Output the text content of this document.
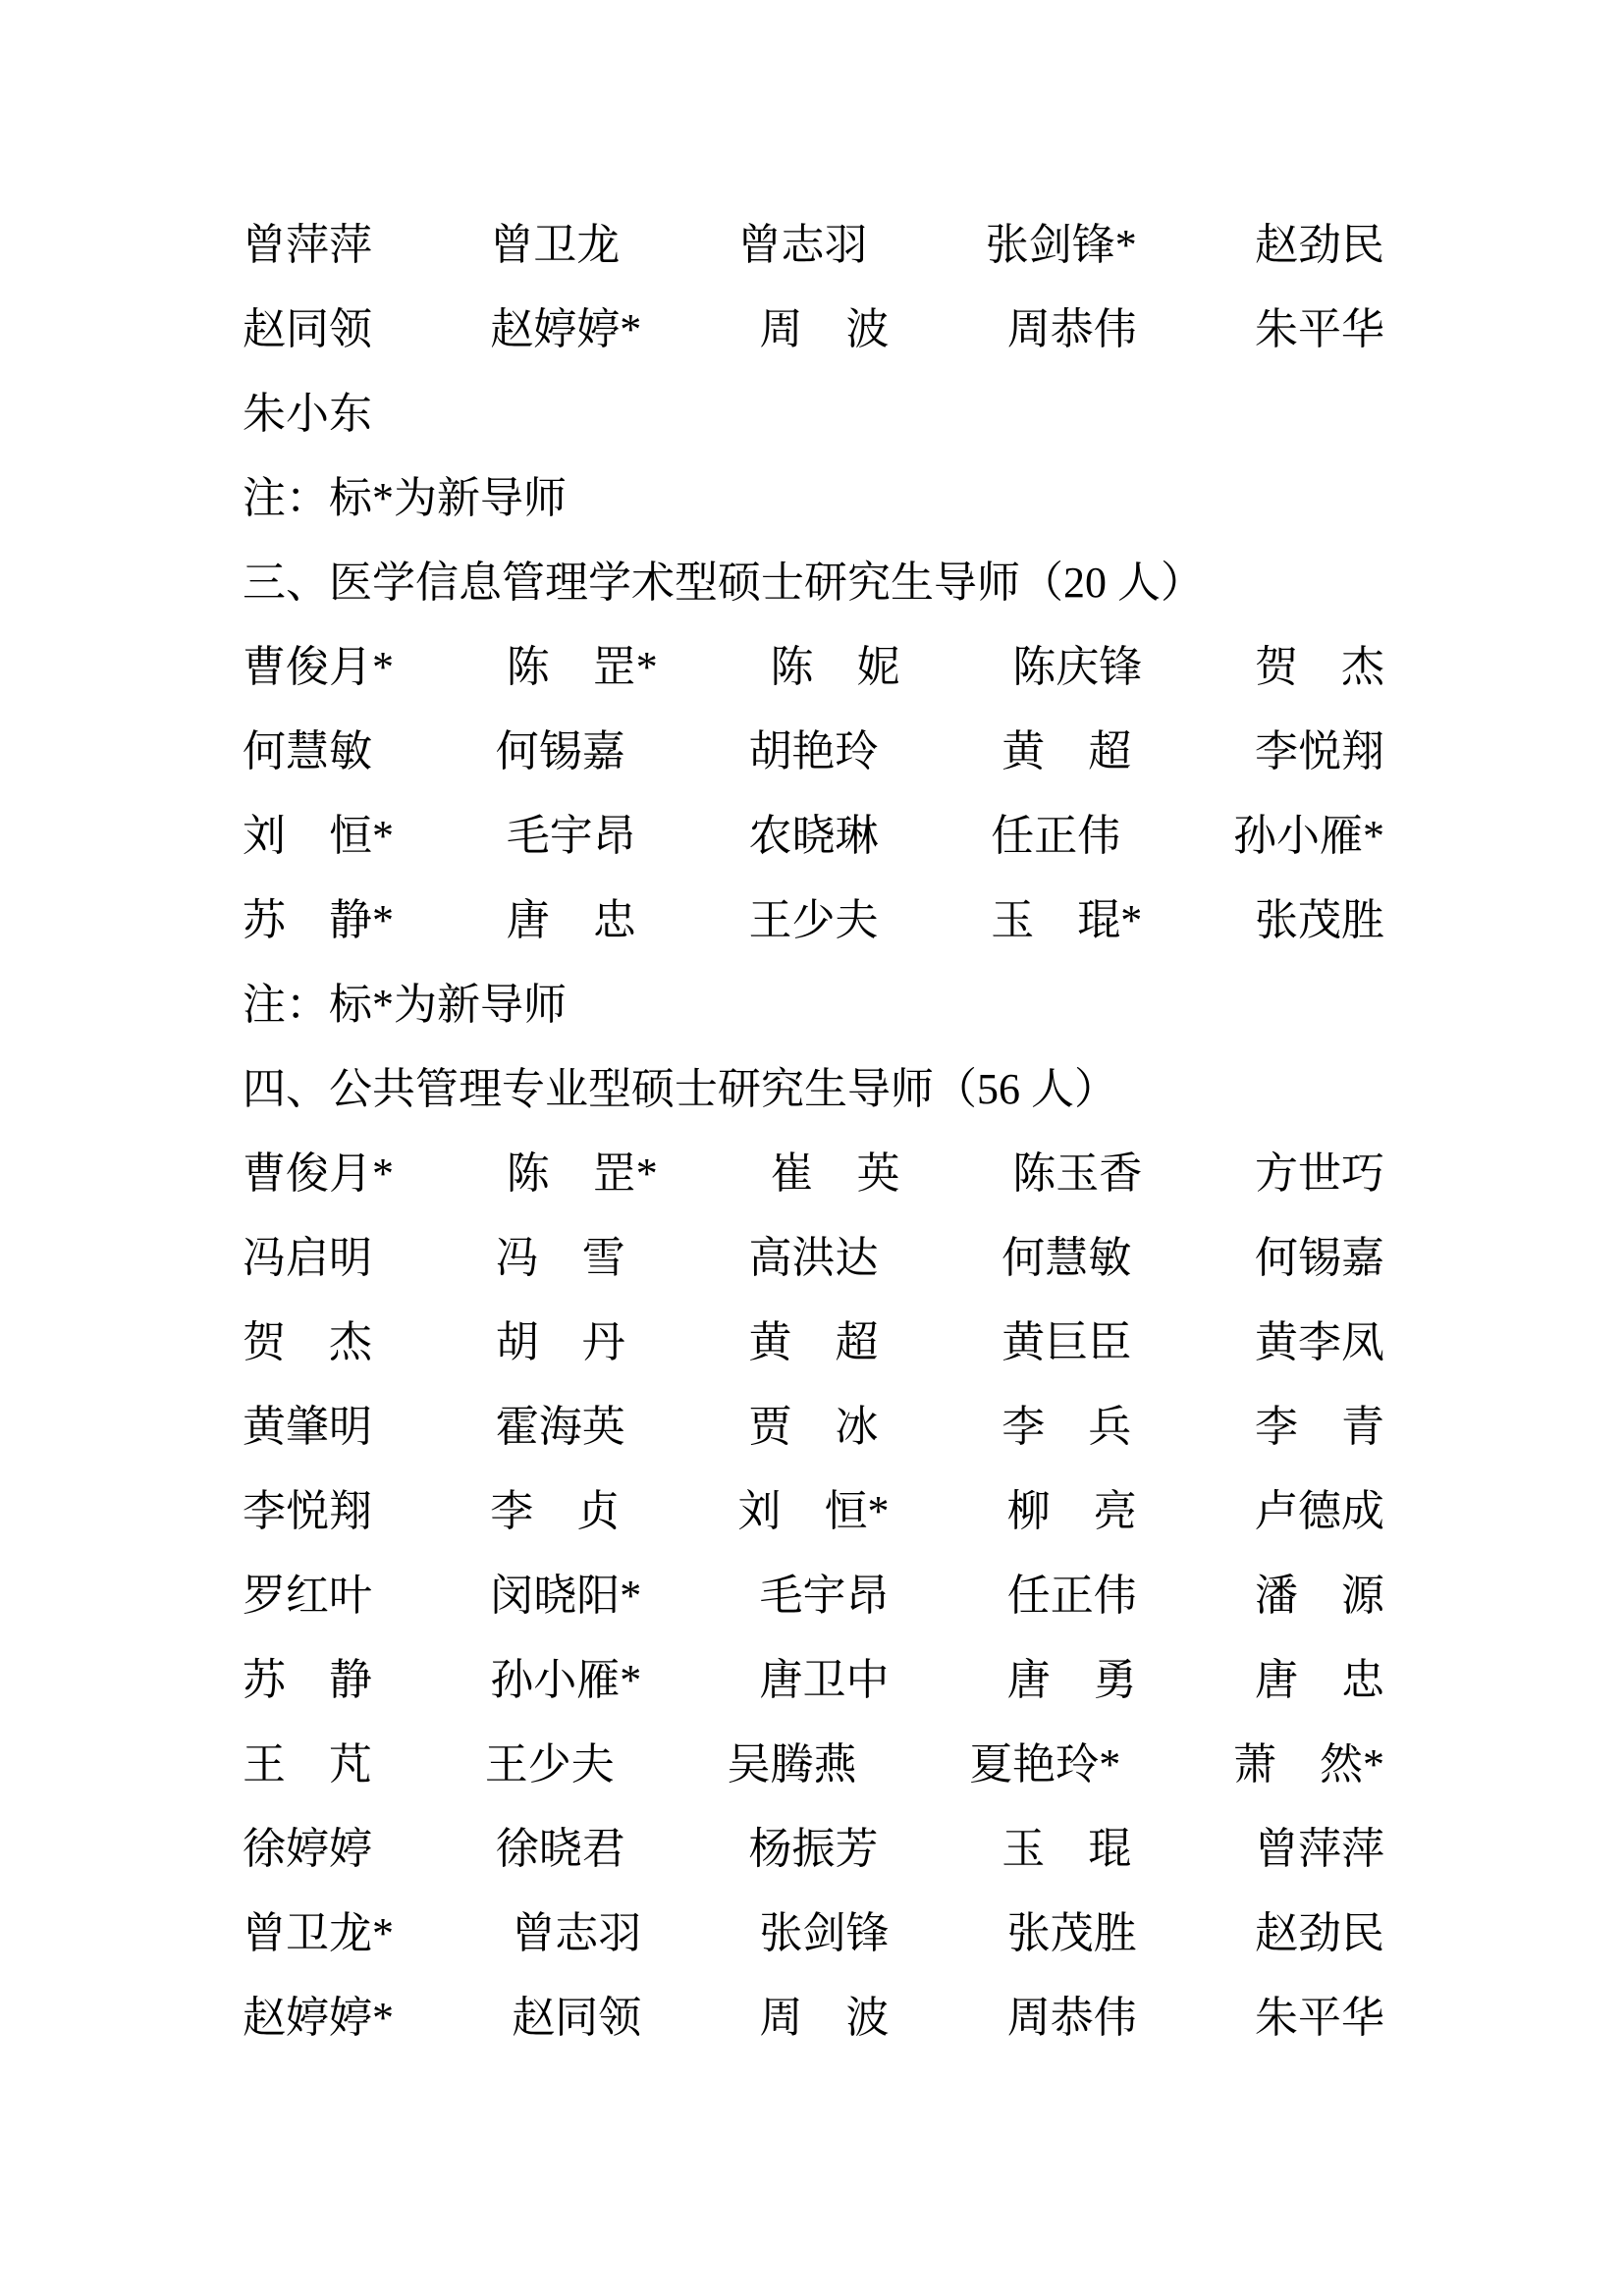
曾萍萍	曾卫龙	曾志羽	张剑锋*	赵劲民
赵同领	赵婷婷*	周　波	周恭伟	朱平华
朱小东
注：标*为新导师
三、医学信息管理学术型硕士研究生导师（20 人）
曹俊月*	陈　罡*	陈　妮	陈庆锋	贺　杰
何慧敏	何锡嘉	胡艳玲	黄　超	李悦翔
刘　恒*	毛宇昂	农晓琳	任正伟	孙小雁*
苏　静*	唐　忠	王少夫	玉　琨*	张茂胜
注：标*为新导师
四、公共管理专业型硕士研究生导师（56 人）
曹俊月*	陈　罡*	崔　英	陈玉香	方世巧
冯启明	冯　雪	高洪达	何慧敏	何锡嘉
贺　杰	胡　丹	黄　超	黄巨臣	黄李凤
黄肇明	霍海英	贾　冰	李　兵	李　青
李悦翔	李　贞	刘　恒*	柳　亮	卢德成
罗红叶	闵晓阳*	毛宇昂	任正伟	潘　源
苏　静	孙小雁*	唐卫中	唐　勇	唐　忠
王　芃	王少夫	吴腾燕	夏艳玲*	萧　然*
徐婷婷	徐晓君	杨振芳	玉　琨	曾萍萍
曾卫龙*	曾志羽	张剑锋	张茂胜	赵劲民
赵婷婷*	赵同领	周　波	周恭伟	朱平华
